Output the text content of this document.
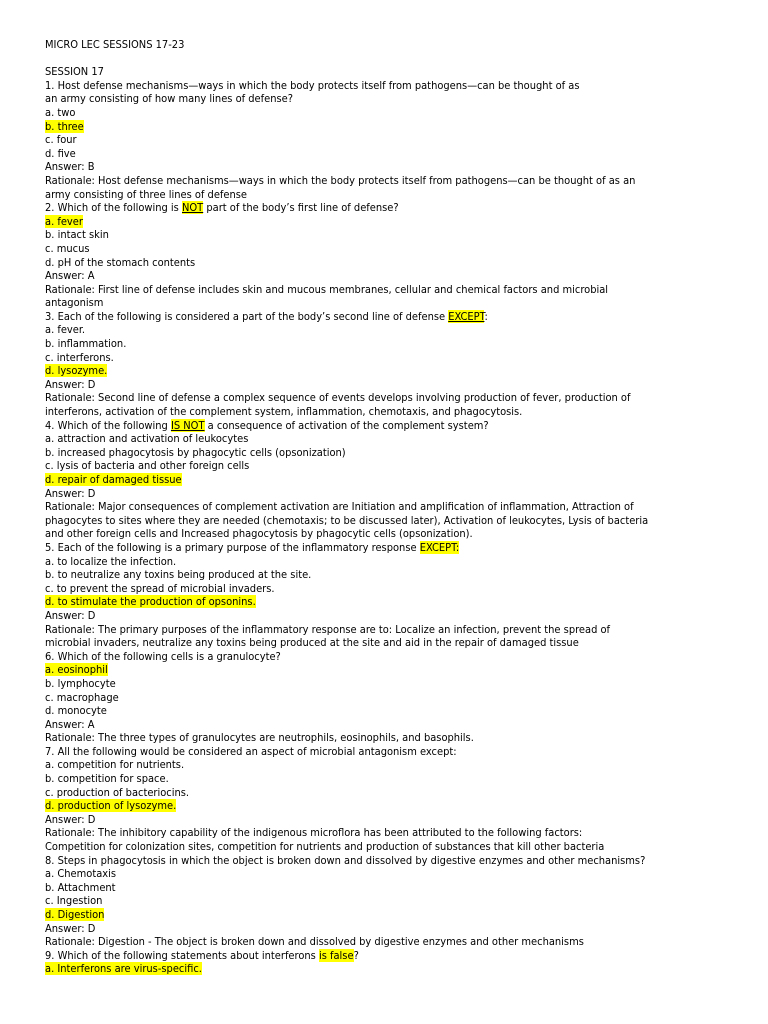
MICRO LEC SESSIONS 17-23
SESSION 17
1. Host defense mechanisms—ways in which the body protects itself from pathogens—can be thought of as
an army consisting of how many lines of defense?
a. two
b. three
c. four
d. five
Answer: B
Rationale: Host defense mechanisms—ways in which the body protects itself from pathogens—can be thought of as an
army consisting of three lines of defense
2. Which of the following is NOT part of the body’s first line of defense?
a. fever
b. intact skin
c. mucus
d. pH of the stomach contents
Answer: A
Rationale: First line of defense includes skin and mucous membranes, cellular and chemical factors and microbial
antagonism
3. Each of the following is considered a part of the body’s second line of defense EXCEPT:
a. fever.
b. inflammation.
c. interferons.
d. lysozyme.
Answer: D
Rationale: Second line of defense a complex sequence of events develops involving production of fever, production of
interferons, activation of the complement system, inflammation, chemotaxis, and phagocytosis.
4. Which of the following IS NOT a consequence of activation of the complement system?
a. attraction and activation of leukocytes
b. increased phagocytosis by phagocytic cells (opsonization)
c. lysis of bacteria and other foreign cells
d. repair of damaged tissue
Answer: D
Rationale: Major consequences of complement activation are Initiation and amplification of inflammation, Attraction of
phagocytes to sites where they are needed (chemotaxis; to be discussed later), Activation of leukocytes, Lysis of bacteria
and other foreign cells and Increased phagocytosis by phagocytic cells (opsonization).
5. Each of the following is a primary purpose of the inflammatory response EXCEPT:
a. to localize the infection.
b. to neutralize any toxins being produced at the site.
c. to prevent the spread of microbial invaders.
d. to stimulate the production of opsonins.
Answer: D
Rationale: The primary purposes of the inflammatory response are to: Localize an infection, prevent the spread of
microbial invaders, neutralize any toxins being produced at the site and aid in the repair of damaged tissue
6. Which of the following cells is a granulocyte?
a. eosinophil
b. lymphocyte
c. macrophage
d. monocyte
Answer: A
Rationale: The three types of granulocytes are neutrophils, eosinophils, and basophils.
7. All the following would be considered an aspect of microbial antagonism except:
a. competition for nutrients.
b. competition for space.
c. production of bacteriocins.
d. production of lysozyme.
Answer: D
Rationale: The inhibitory capability of the indigenous microflora has been attributed to the following factors:
Competition for colonization sites, competition for nutrients and production of substances that kill other bacteria
8. Steps in phagocytosis in which the object is broken down and dissolved by digestive enzymes and other mechanisms?
a. Chemotaxis
b. Attachment
c. Ingestion
d. Digestion
Answer: D
Rationale: Digestion - The object is broken down and dissolved by digestive enzymes and other mechanisms
9. Which of the following statements about interferons is false?
a. Interferons are virus-specific.
